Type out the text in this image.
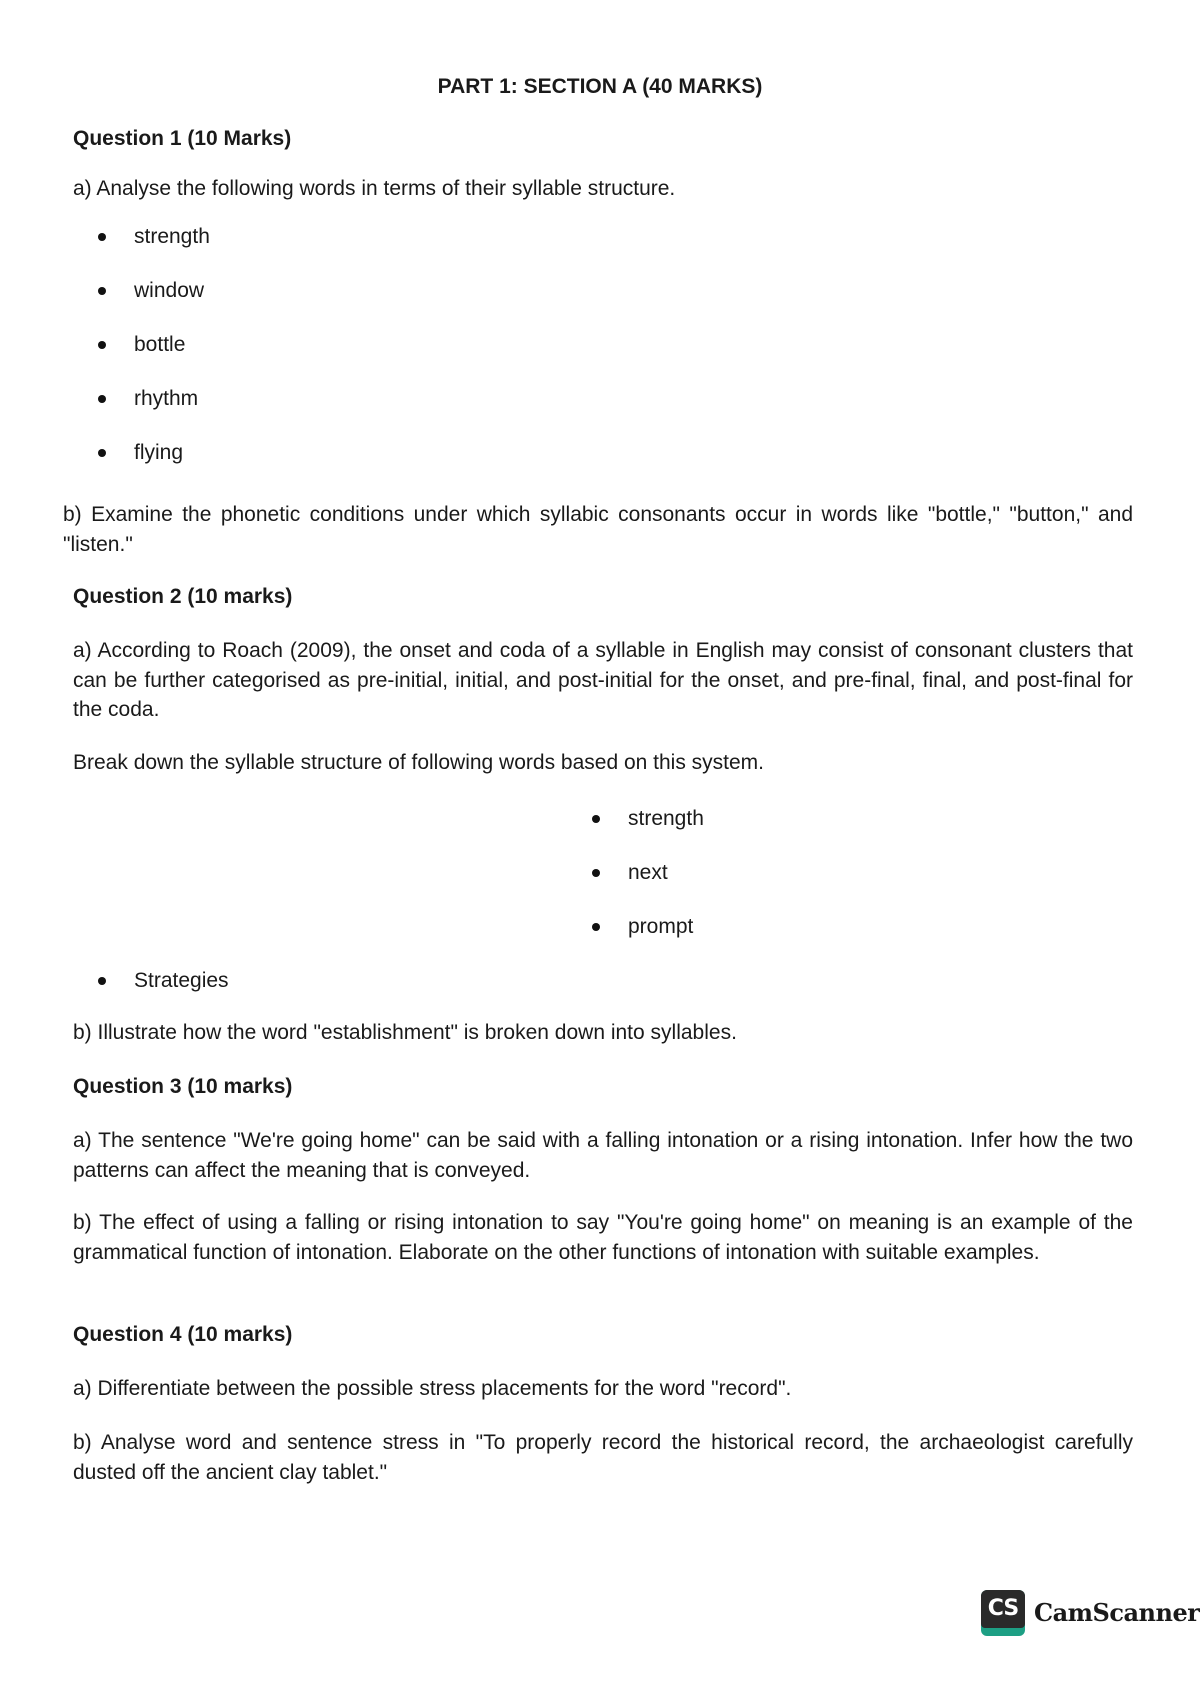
PART 1: SECTION A (40 MARKS)
Question 1 (10 Marks)
a) Analyse the following words in terms of their syllable structure.
strength
window
bottle
rhythm
flying
b) Examine the phonetic conditions under which syllabic consonants occur in words like "bottle," "button," and "listen."
Question 2 (10 marks)
a) According to Roach (2009), the onset and coda of a syllable in English may consist of consonant clusters that can be further categorised as pre-initial, initial, and post-initial for the onset, and pre-final, final, and post-final for the coda.
Break down the syllable structure of following words based on this system.
strength
next
prompt
Strategies
b) Illustrate how the word "establishment" is broken down into syllables.
Question 3 (10 marks)
a) The sentence "We're going home" can be said with a falling intonation or a rising intonation. Infer how the two patterns can affect the meaning that is conveyed.
b) The effect of using a falling or rising intonation to say "You're going home" on meaning is an example of the grammatical function of intonation. Elaborate on the other functions of intonation with suitable examples.
Question 4 (10 marks)
a) Differentiate between the possible stress placements for the word "record".
b) Analyse word and sentence stress in "To properly record the historical record, the archaeologist carefully dusted off the ancient clay tablet."
CS CamScanner
